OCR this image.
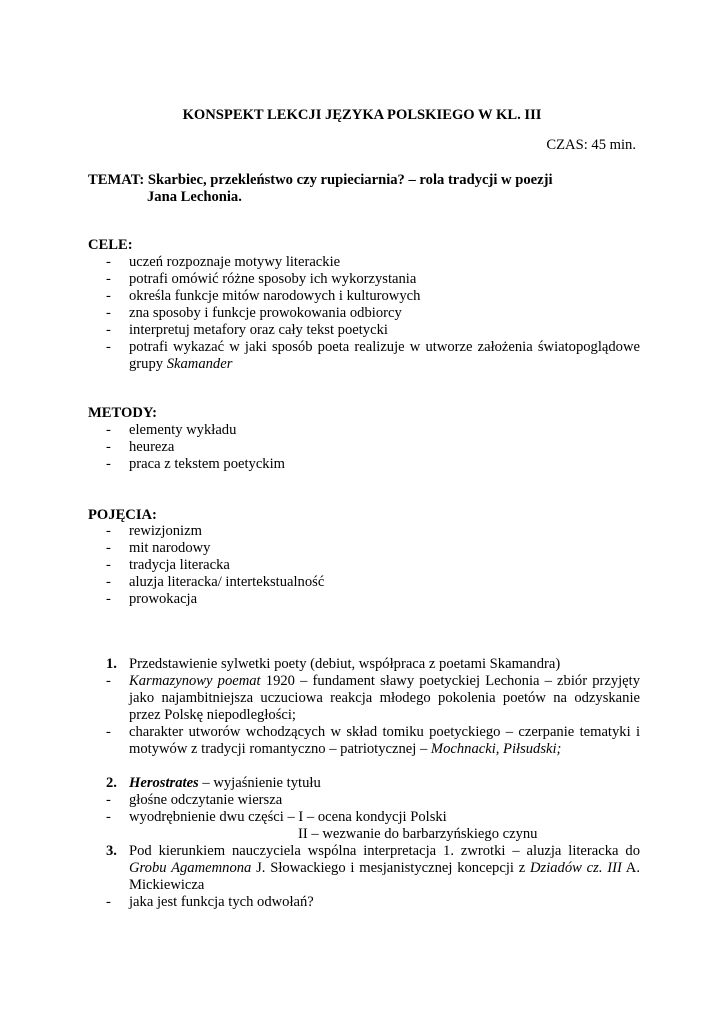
KONSPEKT LEKCJI JĘZYKA POLSKIEGO W KL. III
CZAS: 45 min.
TEMAT: Skarbiec, przekleństwo czy rupieciarnia? – rola tradycji w poezji
Jana Lechonia.
CELE:
- uczeń rozpoznaje motywy literackie
- potrafi omówić różne sposoby ich wykorzystania
- określa funkcje mitów narodowych i kulturowych
- zna sposoby i funkcje prowokowania odbiorcy
- interpretuj metafory oraz cały tekst poetycki
- potrafi wykazać w jaki sposób poeta realizuje w utworze założenia światopoglądowe grupy Skamander
METODY:
- elementy wykładu
- heureza
- praca z tekstem poetyckim
POJĘCIA:
- rewizjonizm
- mit narodowy
- tradycja literacka
- aluzja literacka/ intertekstualność
- prowokacja
1. Przedstawienie sylwetki poety (debiut, współpraca z poetami Skamandra)
- Karmazynowy poemat 1920 – fundament sławy poetyckiej Lechonia – zbiór przyjęty jako najambitniejsza uczuciowa reakcja młodego pokolenia poetów na odzyskanie przez Polskę niepodległości;
- charakter utworów wchodzących w skład tomiku poetyckiego – czerpanie tematyki i motywów z tradycji romantyczno – patriotycznej – Mochnacki, Piłsudski;
2. Herostrates – wyjaśnienie tytułu
- głośne odczytanie wiersza
- wyodrębnienie dwu części – I – ocena kondycji Polski
II – wezwanie do barbarzyńskiego czynu
3. Pod kierunkiem nauczyciela wspólna interpretacja 1. zwrotki – aluzja literacka do Grobu Agamemnona J. Słowackiego i mesjanistycznej koncepcji z Dziadów cz. III A. Mickiewicza
- jaka jest funkcja tych odwołań?
